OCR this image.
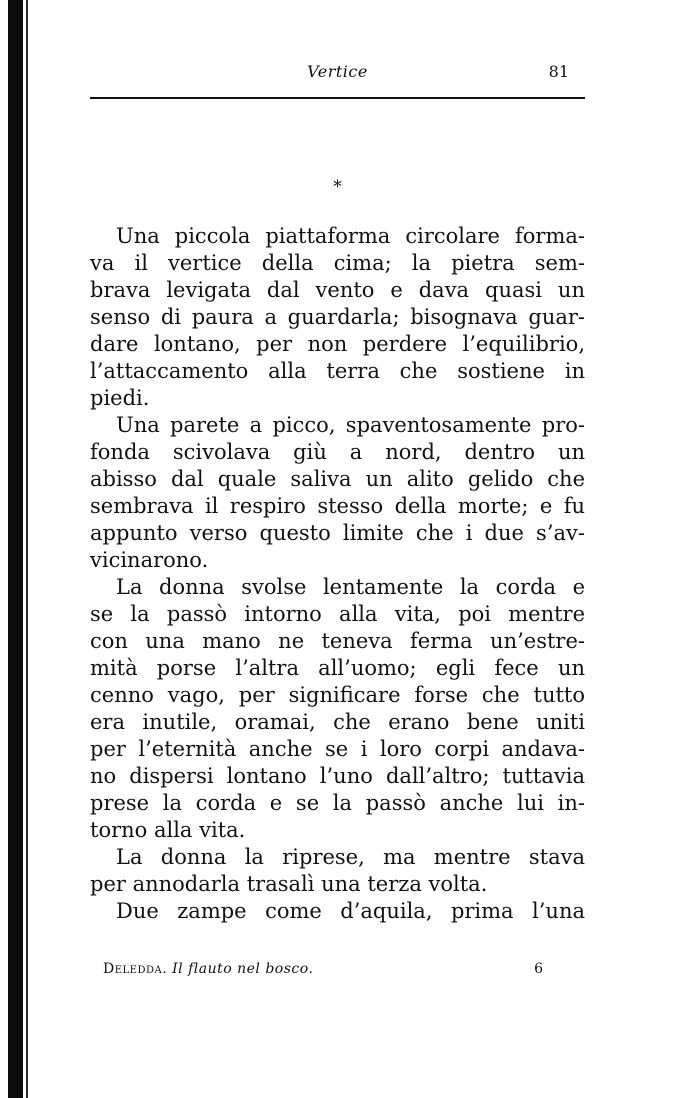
Vertice	81
*
Una piccola piattaforma circolare forma-
va il vertice della cima; la pietra sem-
brava levigata dal vento e dava quasi un
senso di paura a guardarla; bisognava guar-
dare lontano, per non perdere l’equilibrio,
l’attaccamento alla terra che sostiene in
piedi.
Una parete a picco, spaventosamente pro-
fonda scivolava giù a nord, dentro un
abisso dal quale saliva un alito gelido che
sembrava il respiro stesso della morte; e fu
appunto verso questo limite che i due s’av-
vicinarono.
La donna svolse lentamente la corda e
se la passò intorno alla vita, poi mentre
con una mano ne teneva ferma un’estre-
mità porse l’altra all’uomo; egli fece un
cenno vago, per significare forse che tutto
era inutile, oramai, che erano bene uniti
per l’eternità anche se i loro corpi andava-
no dispersi lontano l’uno dall’altro; tuttavia
prese la corda e se la passò anche lui in-
torno alla vita.
La donna la riprese, ma mentre stava
per annodarla trasalì una terza volta.
Due zampe come d’aquila, prima l’una
Deledda. Il flauto nel bosco.	6
